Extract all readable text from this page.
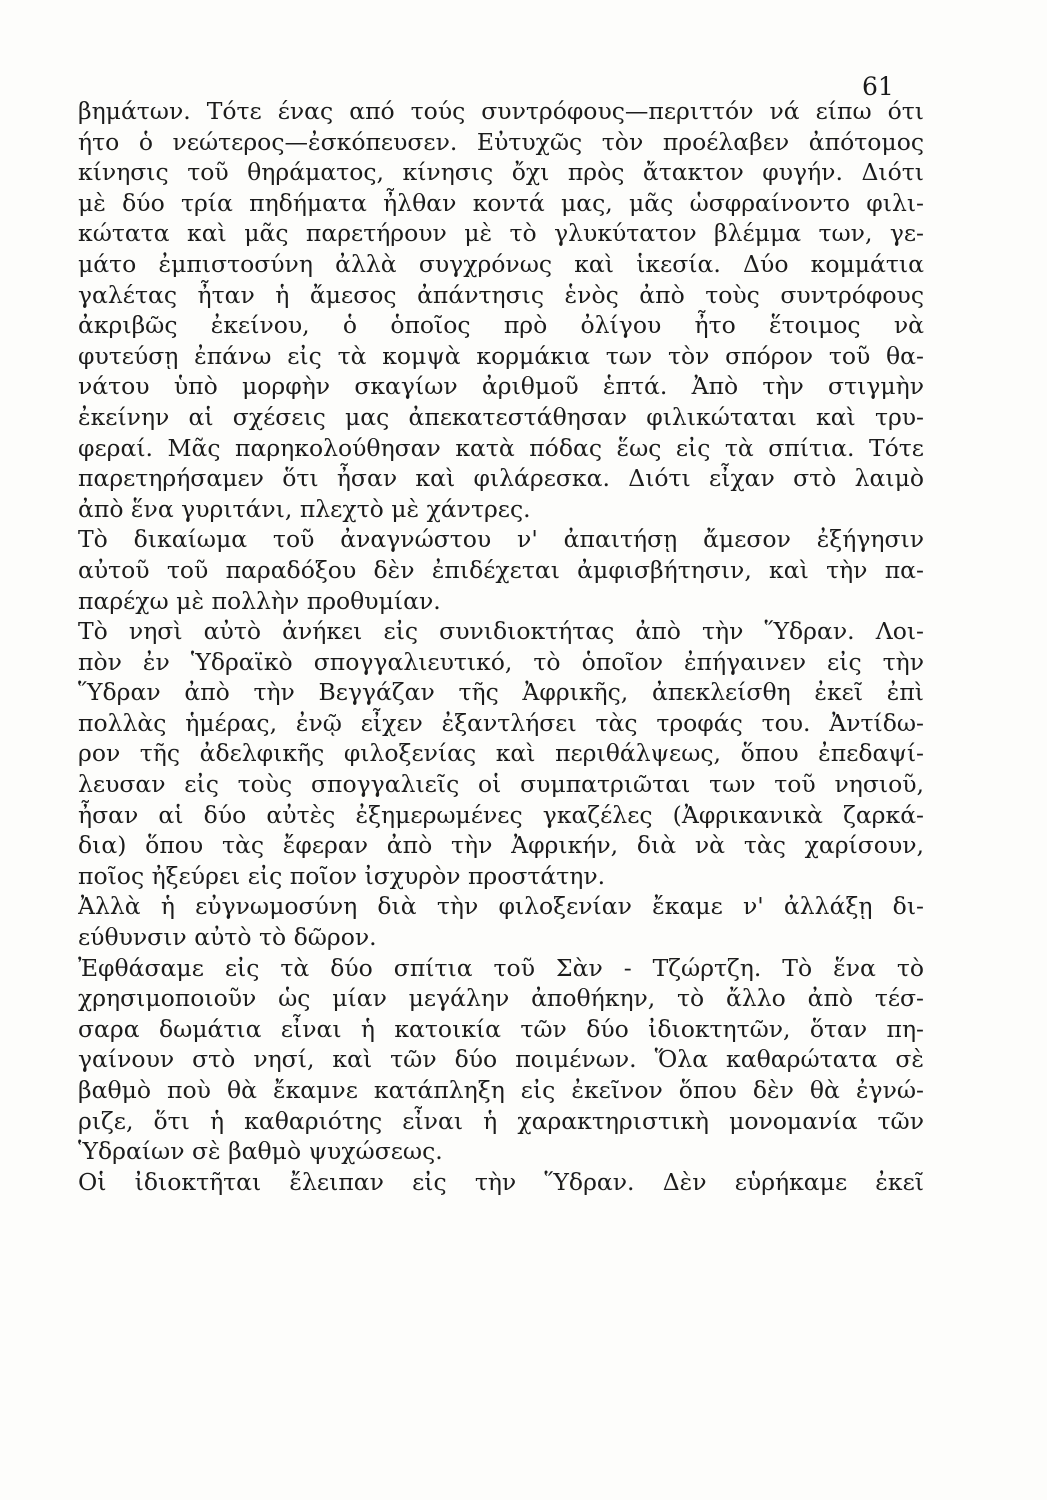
61
βημάτων. Τότε ένας από τούς συντρόφους—περιττόν νά είπω ότι
ήτο ὁ νεώτερος—ἐσκόπευσεν. Εὐτυχῶς τὸν προέλαβεν ἀπότομος
κίνησις τοῦ θηράματος, κίνησις ὄχι πρὸς ἄτακτον φυγήν. Διότι
μὲ δύο τρία πηδήματα ἦλθαν κοντά μας, μᾶς ὡσφραίνοντο φιλι-
κώτατα καὶ μᾶς παρετήρουν μὲ τὸ γλυκύτατον βλέμμα των, γε-
μάτο ἐμπιστοσύνη ἀλλὰ συγχρόνως καὶ ἱκεσία. Δύο κομμάτια
γαλέτας ἦταν ἡ ἄμεσος ἀπάντησις ἑνὸς ἀπὸ τοὺς συντρόφους
ἀκριβῶς ἐκείνου, ὁ ὁποῖος πρὸ ὀλίγου ἦτο ἕτοιμος νὰ
φυτεύσῃ ἐπάνω εἰς τὰ κομψὰ κορμάκια των τὸν σπόρον τοῦ θα-
νάτου ὑπὸ μορφὴν σκαγίων ἀριθμοῦ ἑπτά. Ἀπὸ τὴν στιγμὴν
ἐκείνην αἱ σχέσεις μας ἀπεκατεστάθησαν φιλικώταται καὶ τρυ-
φεραί. Μᾶς παρηκολούθησαν κατὰ πόδας ἕως εἰς τὰ σπίτια. Τότε
παρετηρήσαμεν ὅτι ἦσαν καὶ φιλάρεσκα. Διότι εἶχαν στὸ λαιμὸ
ἀπὸ ἕνα γυριτάνι, πλεχτὸ μὲ χάντρες.
Τὸ δικαίωμα τοῦ ἀναγνώστου ν' ἀπαιτήσῃ ἄμεσον ἐξήγησιν
αὐτοῦ τοῦ παραδόξου δὲν ἐπιδέχεται ἀμφισβήτησιν, καὶ τὴν πα-
παρέχω μὲ πολλὴν προθυμίαν.
Τὸ νησὶ αὐτὸ ἀνήκει εἰς συνιδιοκτήτας ἀπὸ τὴν Ὕδραν. Λοι-
πὸν ἐν Ὑδραϊκὸ σπογγαλιευτικό, τὸ ὁποῖον ἐπήγαινεν εἰς τὴν
Ὕδραν ἀπὸ τὴν Βεγγάζαν τῆς Ἀφρικῆς, ἀπεκλείσθη ἐκεῖ ἐπὶ
πολλὰς ἡμέρας, ἐνῷ εἶχεν ἐξαντλήσει τὰς τροφάς του. Ἀντίδω-
ρον τῆς ἀδελφικῆς φιλοξενίας καὶ περιθάλψεως, ὅπου ἐπεδαψί-
λευσαν εἰς τοὺς σπογγαλιεῖς οἱ συμπατριῶται των τοῦ νησιοῦ,
ἦσαν αἱ δύο αὐτὲς ἐξημερωμένες γκαζέλες (Ἀφρικανικὰ ζαρκά-
δια) ὅπου τὰς ἔφεραν ἀπὸ τὴν Ἀφρικήν, διὰ νὰ τὰς χαρίσουν,
ποῖος ἠξεύρει εἰς ποῖον ἰσχυρὸν προστάτην.
Ἀλλὰ ἡ εὐγνωμοσύνη διὰ τὴν φιλοξενίαν ἔκαμε ν' ἀλλάξῃ δι-
εύθυνσιν αὐτὸ τὸ δῶρον.
Ἐφθάσαμε εἰς τὰ δύο σπίτια τοῦ Σὰν - Τζώρτζη. Τὸ ἕνα τὸ
χρησιμοποιοῦν ὡς μίαν μεγάλην ἀποθήκην, τὸ ἄλλο ἀπὸ τέσ-
σαρα δωμάτια εἶναι ἡ κατοικία τῶν δύο ἰδιοκτητῶν, ὅταν πη-
γαίνουν στὸ νησί, καὶ τῶν δύο ποιμένων. Ὅλα καθαρώτατα σὲ
βαθμὸ ποὺ θὰ ἔκαμνε κατάπληξη εἰς ἐκεῖνον ὅπου δὲν θὰ ἐγνώ-
ριζε, ὅτι ἡ καθαριότης εἶναι ἡ χαρακτηριστικὴ μονομανία τῶν
Ὑδραίων σὲ βαθμὸ ψυχώσεως.
Οἱ ἰδιοκτῆται ἔλειπαν εἰς τὴν Ὕδραν. Δὲν εὑρήκαμε ἐκεῖ
